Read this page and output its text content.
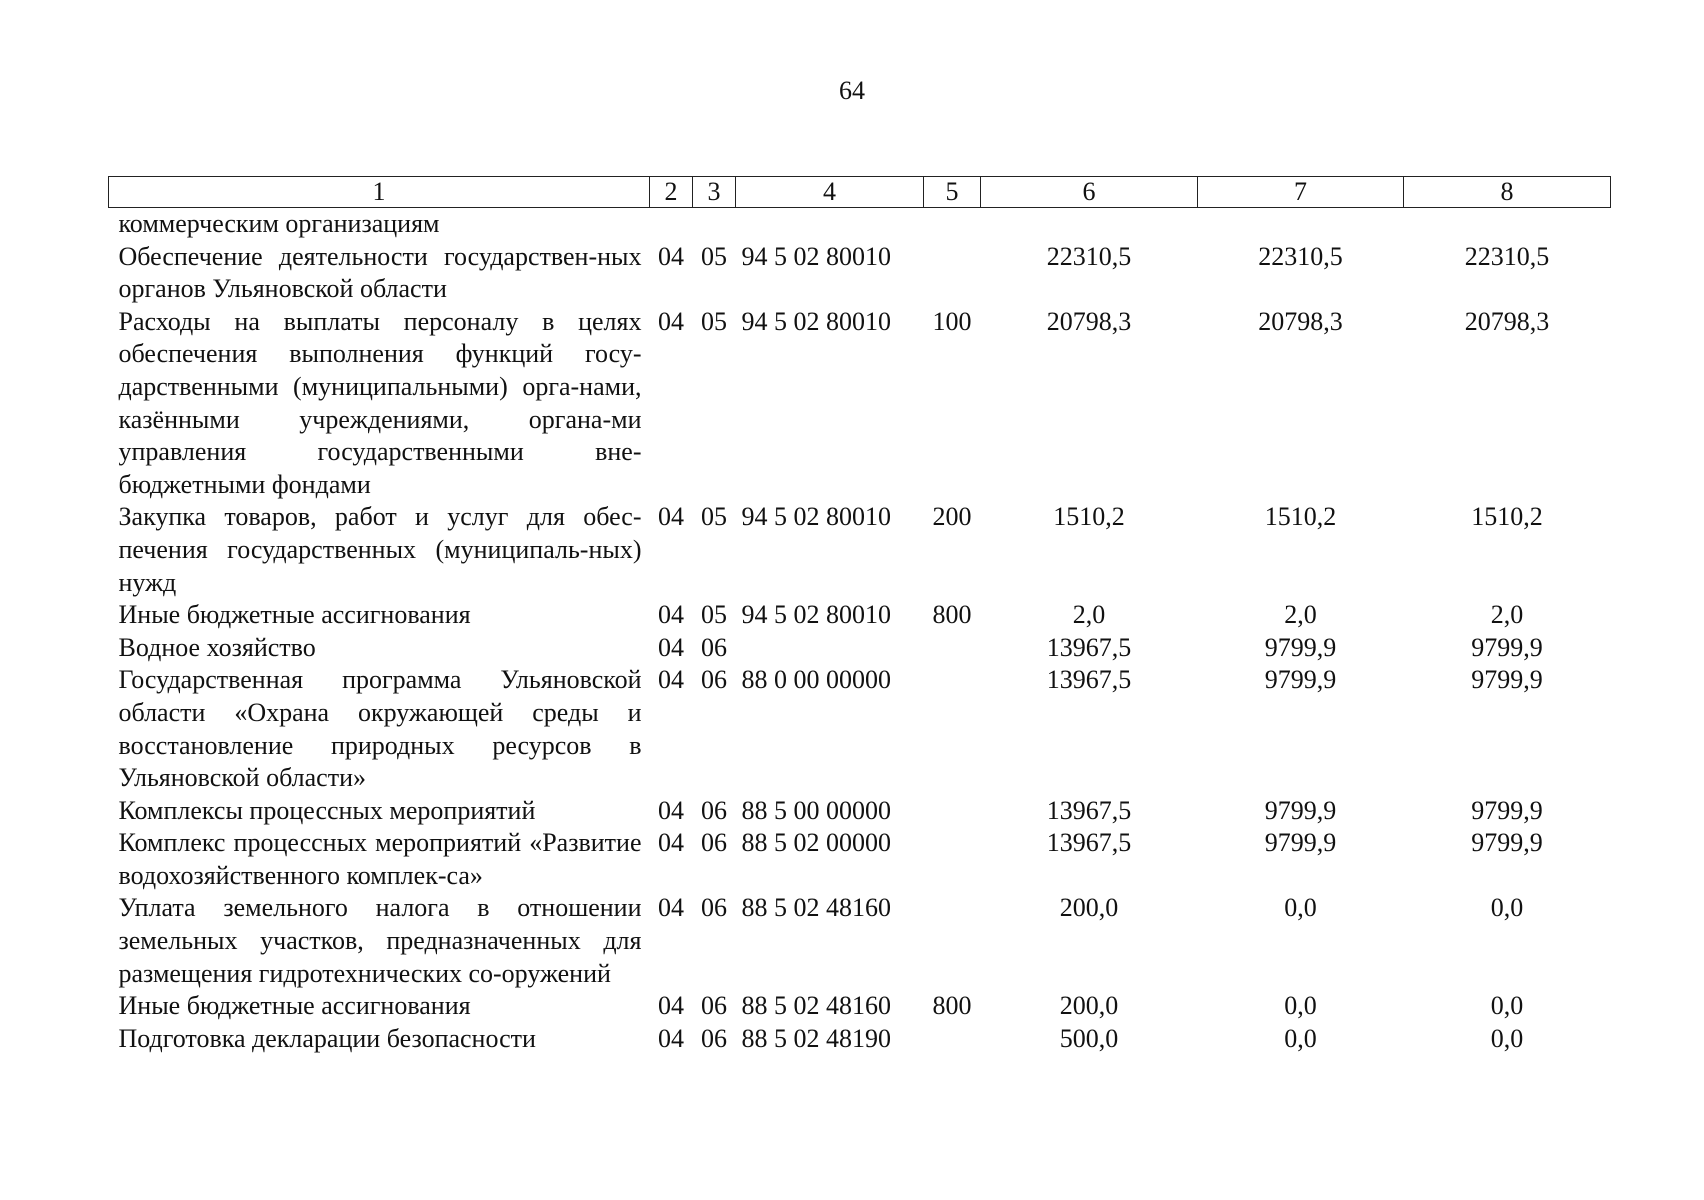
64
1	2	3	4	5	6	7	8
коммерческим организациям							
Обеспечение деятельности государствен-ных органов Ульяновской области	04	05	94 5 02 80010		22310,5	22310,5	22310,5
Расходы на выплаты персоналу в целях обеспечения выполнения функций госу-дарственными (муниципальными) орга-нами, казёнными учреждениями, органа-ми управления государственными вне-бюджетными фондами	04	05	94 5 02 80010	100	20798,3	20798,3	20798,3
Закупка товаров, работ и услуг для обес-печения государственных (муниципаль-ных) нужд	04	05	94 5 02 80010	200	1510,2	1510,2	1510,2
Иные бюджетные ассигнования	04	05	94 5 02 80010	800	2,0	2,0	2,0
Водное хозяйство	04	06			13967,5	9799,9	9799,9
Государственная программа Ульяновской области «Охрана окружающей среды и восстановление природных ресурсов в Ульяновской области»	04	06	88 0 00 00000		13967,5	9799,9	9799,9
Комплексы процессных мероприятий	04	06	88 5 00 00000		13967,5	9799,9	9799,9
Комплекс процессных мероприятий «Развитие водохозяйственного комплек-са»	04	06	88 5 02 00000		13967,5	9799,9	9799,9
Уплата земельного налога в отношении земельных участков, предназначенных для размещения гидротехнических со-оружений	04	06	88 5 02 48160		200,0	0,0	0,0
Иные бюджетные ассигнования	04	06	88 5 02 48160	800	200,0	0,0	0,0
Подготовка декларации безопасности	04	06	88 5 02 48190		500,0	0,0	0,0
